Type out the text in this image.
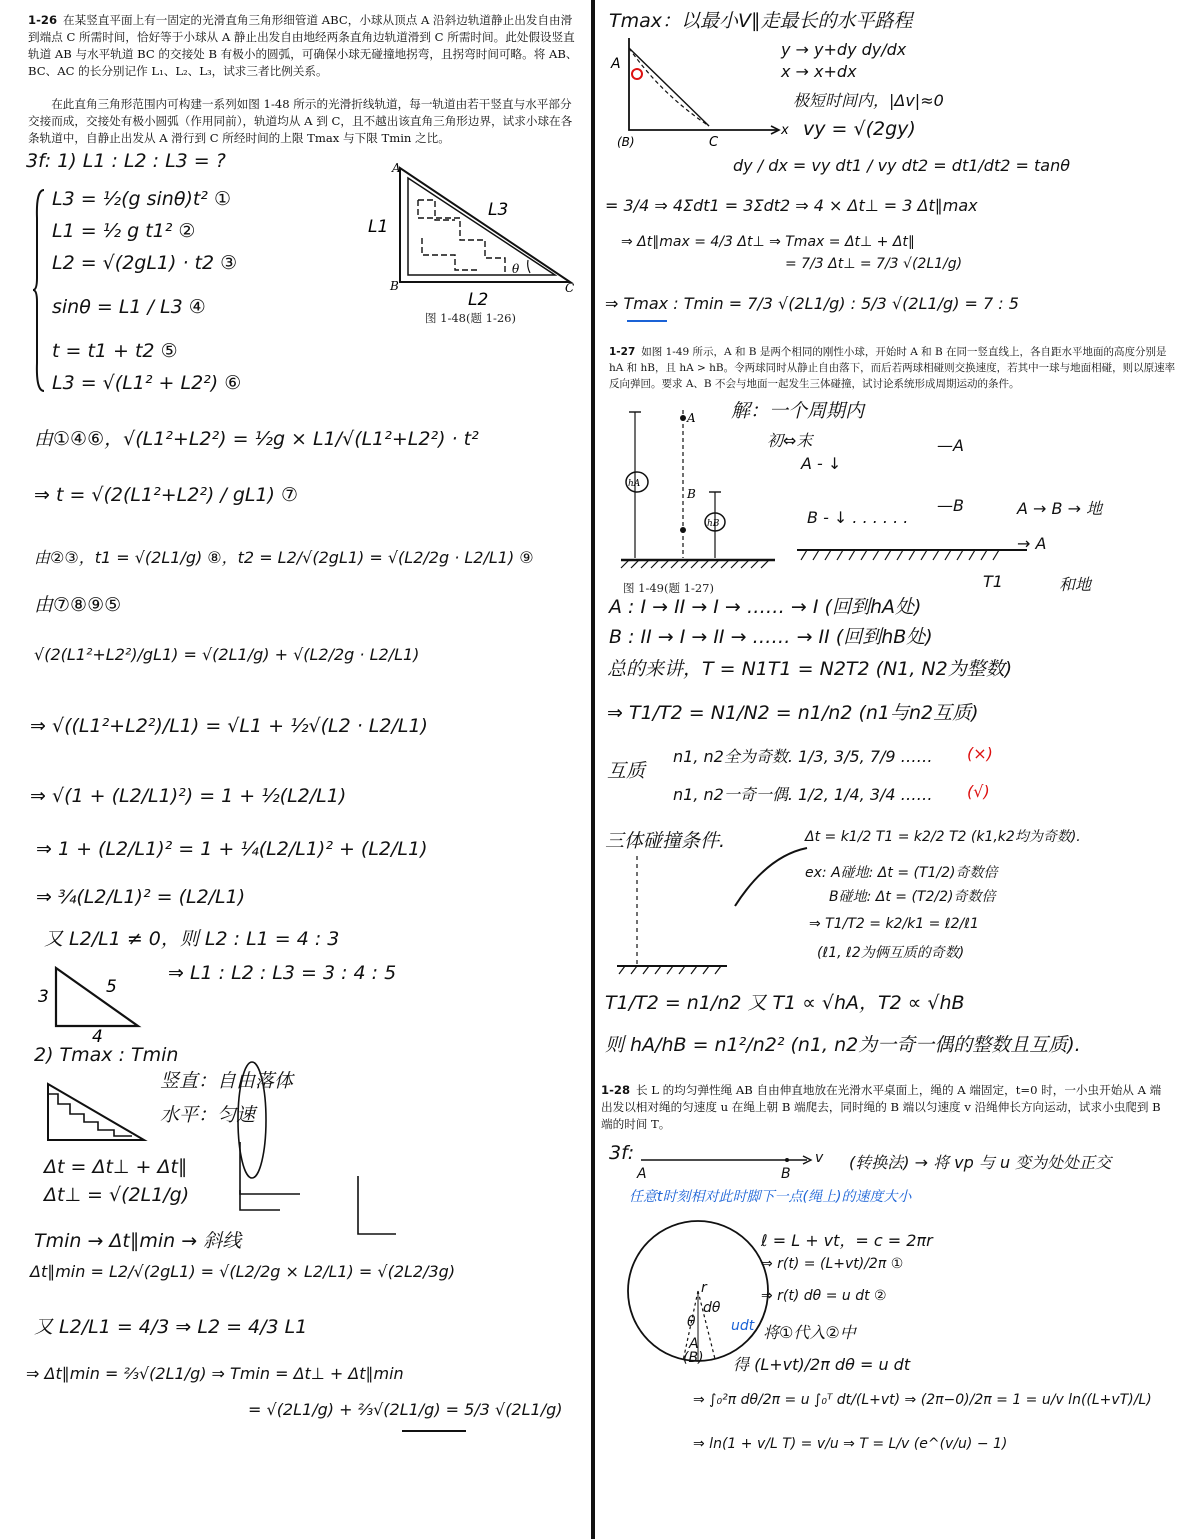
1-26 在某竖直平面上有一固定的光滑直角三角形细管道 ABC，小球从顶点 A 沿斜边轨道静止出发自由滑到端点 C 所需时间，恰好等于小球从 A 静止出发自由地经两条直角边轨道滑到 C 所需时间。此处假设竖直轨道 AB 与水平轨道 BC 的交接处 B 有极小的圆弧，可确保小球无碰撞地拐弯，且拐弯时间可略。将 AB、BC、AC 的长分别记作 L₁、L₂、L₃，试求三者比例关系。
在此直角三角形范围内可构建一系列如图 1-48 所示的光滑折线轨道，每一轨道由若干竖直与水平部分交接而成，交接处有极小圆弧（作用同前），轨道均从 A 到 C，且不越出该直角三角形边界，试求小球在各条轨道中，自静止出发从 A 滑行到 C 所经时间的上限 Tmax 与下限 Tmin 之比。
A
B	C
θ
L1
L3
L2
图 1-48(题 1-26)
3f: 1) L1 : L2 : L3 = ?
L3 = ½(g sinθ)t² ①
L1 = ½ g t1² ②
L2 = √(2gL1) · t2 ③
sinθ = L1 / L3 ④
t = t1 + t2 ⑤
L3 = √(L1² + L2²) ⑥
由①④⑥，√(L1²+L2²) = ½g × L1/√(L1²+L2²) · t²
⇒ t = √(2(L1²+L2²) / gL1) ⑦
由②③，t1 = √(2L1/g) ⑧，t2 = L2/√(2gL1) = √(L2/2g · L2/L1) ⑨
由⑦⑧⑨⑤
√(2(L1²+L2²)/gL1) = √(2L1/g) + √(L2/2g · L2/L1)
⇒ √((L1²+L2²)/L1) = √L1 + ½√(L2 · L2/L1)
⇒ √(1 + (L2/L1)²) = 1 + ½(L2/L1)
⇒ 1 + (L2/L1)² = 1 + ¼(L2/L1)² + (L2/L1)
⇒ ¾(L2/L1)² = (L2/L1)
又 L2/L1 ≠ 0，则 L2 : L1 = 4 : 3
3
4
5
⇒ L1 : L2 : L3 = 3 : 4 : 5
2) Tmax : Tmin
竖直：自由落体
水平：匀速
Δt = Δt⊥ + Δt∥
Δt⊥ = √(2L1/g)
Tmin → Δt∥min → 斜线
Δt∥min = L2/√(2gL1) = √(L2/2g × L2/L1) = √(2L2/3g)
又 L2/L1 = 4/3 ⇒ L2 = 4/3 L1
⇒ Δt∥min = ⅔√(2L1/g) ⇒ Tmin = Δt⊥ + Δt∥min
= √(2L1/g) + ⅔√(2L1/g) = 5/3 √(2L1/g)
Tmax：以最小V∥走最长的水平路程
A
(B)	C
x
y → y+dy dy/dx
x → x+dx
极短时间内，|Δv|≈0
vy = √(2gy)
dy / dx = vy dt1 / vy dt2 = dt1/dt2 = tanθ
= 3/4 ⇒ 4Σdt1 = 3Σdt2 ⇒ 4 × Δt⊥ = 3 Δt∥max
⇒ Δt∥max = 4/3 Δt⊥ ⇒ Tmax = Δt⊥ + Δt∥
= 7/3 Δt⊥ = 7/3 √(2L1/g)
⇒ Tmax : Tmin = 7/3 √(2L1/g) : 5/3 √(2L1/g) = 7 : 5
1-27 如图 1-49 所示，A 和 B 是两个相同的刚性小球，开始时 A 和 B 在同一竖直线上，各自距水平地面的高度分别是 hA 和 hB，且 hA > hB。令两球同时从静止自由落下，而后若两球相碰则交换速度，若其中一球与地面相碰，则以原速率反向弹回。要求 A、B 不会与地面一起发生三体碰撞，试讨论系统形成周期运动的条件。
A
B
hA
hB
图 1-49(题 1-27)
解：一个周期内
初⇔末
A - ↓
—A
B - ↓ . . . . . .
—B	A → B → 地
→ A
T1	和地
A : I → II → I → …… → I (回到hA处)
B : II → I → II → …… → II (回到hB处)
总的来讲，T = N1T1 = N2T2 (N1, N2为整数)
⇒ T1/T2 = N1/N2 = n1/n2 (n1与n2互质)
互质
n1, n2全为奇数. 1/3, 3/5, 7/9 …… (×)
n1, n2一奇一偶. 1/2, 1/4, 3/4 …… (√)
三体碰撞条件.	Δt = k1/2 T1 = k2/2 T2 (k1,k2均为奇数).
ex: A碰地: Δt = (T1/2)奇数倍
B碰地: Δt = (T2/2)奇数倍
⇒ T1/T2 = k2/k1 = ℓ2/ℓ1
(ℓ1, ℓ2为俩互质的奇数)
T1/T2 = n1/n2 又 T1 ∝ √hA，T2 ∝ √hB
则 hA/hB = n1²/n2² (n1, n2为一奇一偶的整数且互质).
1-28 长 L 的均匀弹性绳 AB 自由伸直地放在光滑水平桌面上，绳的 A 端固定，t=0 时，一小虫开始从 A 端出发以相对绳的匀速度 u 在绳上朝 B 端爬去，同时绳的 B 端以匀速度 v 沿绳伸长方向运动，试求小虫爬到 B 端的时间 T。
3f:
A	B
v (转换法) → 将 vp 与 u 变为处处正交
任意t时刻相对此时脚下一点(绳上)的速度大小
A
(B)
r
dθ
θ	udt
ℓ = L + vt，= c = 2πr
⇒ r(t) = (L+vt)/2π ①
⇒ r(t) dθ = u dt ②
将①代入②中
得 (L+vt)/2π dθ = u dt
⇒ ∫₀²π dθ/2π = u ∫₀ᵀ dt/(L+vt) ⇒ (2π−0)/2π = 1 = u/v ln((L+vT)/L)
⇒ ln(1 + v/L T) = v/u ⇒ T = L/v (e^(v/u) − 1)
